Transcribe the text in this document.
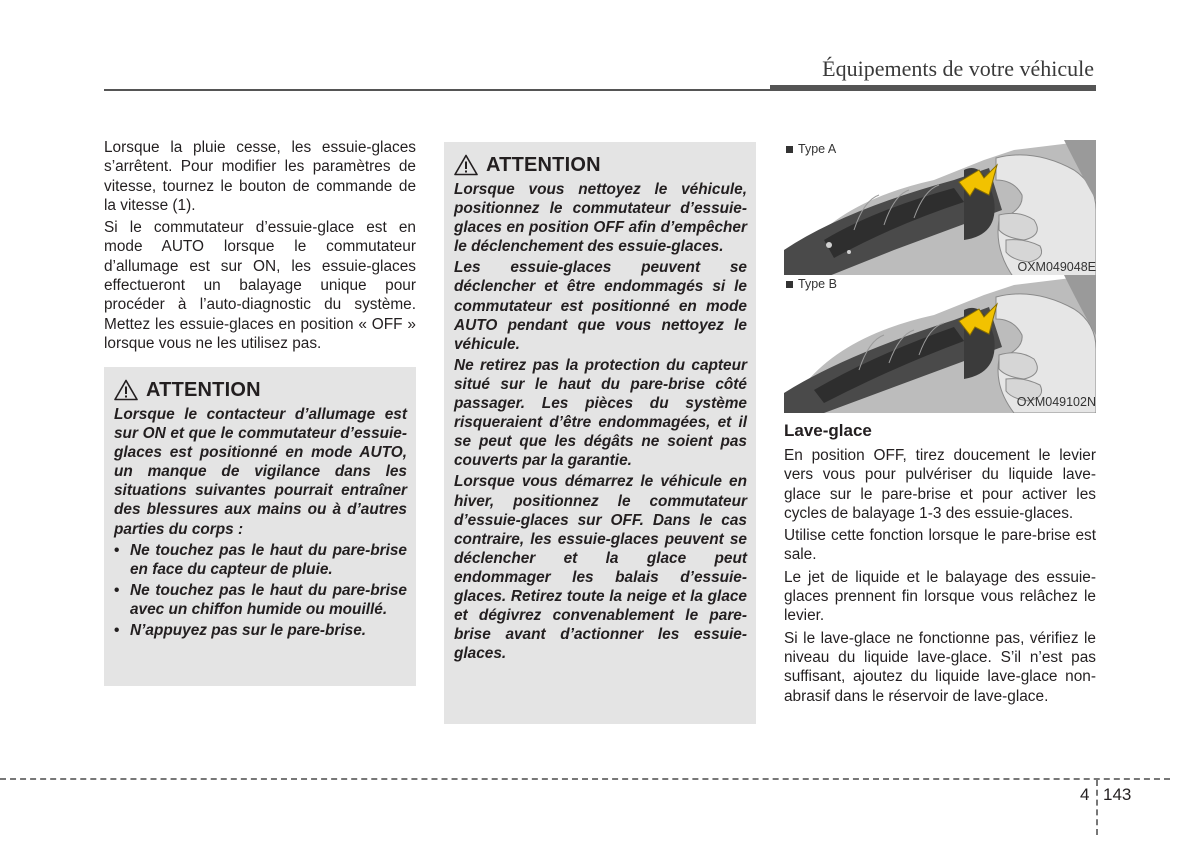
Équipements de votre véhicule

Lorsque la pluie cesse, les essuie-glaces s’arrêtent. Pour modifier les paramètres de vitesse, tournez le bouton de commande de la vitesse (1).

Si le commutateur d’essuie-glace est en mode AUTO lorsque le commutateur d’allumage est sur ON, les essuie-glaces effectueront un balayage unique pour procéder à l’auto-diagnostic du système. Mettez les essuie-glaces en position « OFF » lorsque vous ne les utilisez pas.

ATTENTION

Lorsque le contacteur d’allumage est sur ON et que le commutateur d’essuie-glaces est positionné en mode AUTO, un manque de vigilance dans les situations suivantes pourrait entraîner des blessures aux mains ou à d’autres parties du corps :

• Ne touchez pas le haut du pare-brise en face du capteur de pluie.
• Ne touchez pas le haut du pare-brise avec un chiffon humide ou mouillé.
• N’appuyez pas sur le pare-brise.
ATTENTION

Lorsque vous nettoyez le véhicule, positionnez le commutateur d’essuie-glaces en position OFF afin d’empêcher le déclenchement des essuie-glaces.

Les essuie-glaces peuvent se déclencher et être endommagés si le commutateur est positionné en mode AUTO pendant que vous nettoyez le véhicule.

Ne retirez pas la protection du capteur situé sur le haut du pare-brise côté passager. Les pièces du système risqueraient d’être endommagées, et il se peut que les dégâts ne soient pas couverts par la garantie.

Lorsque vous démarrez le véhicule en hiver, positionnez le commutateur d’essuie-glaces sur OFF. Dans le cas contraire, les essuie-glaces peuvent se déclencher et la glace peut endommager les balais d’essuie-glaces. Retirez toute la neige et la glace et dégivrez convenablement le pare-brise avant d’actionner les essuie-glaces.

Type A
OXM049048E
Type B
OXM049102N
Lave-glace

En position OFF, tirez doucement le levier vers vous pour pulvériser du liquide lave-glace sur le pare-brise et pour activer les cycles de balayage 1-3 des essuie-glaces.

Utilise cette fonction lorsque le pare-brise est sale.

Le jet de liquide et le balayage des essuie-glaces prennent fin lorsque vous relâchez le levier.

Si le lave-glace ne fonctionne pas, vérifiez le niveau du liquide lave-glace. S’il n’est pas suffisant, ajoutez du liquide lave-glace non-abrasif dans le réservoir de lave-glace.

4 143
